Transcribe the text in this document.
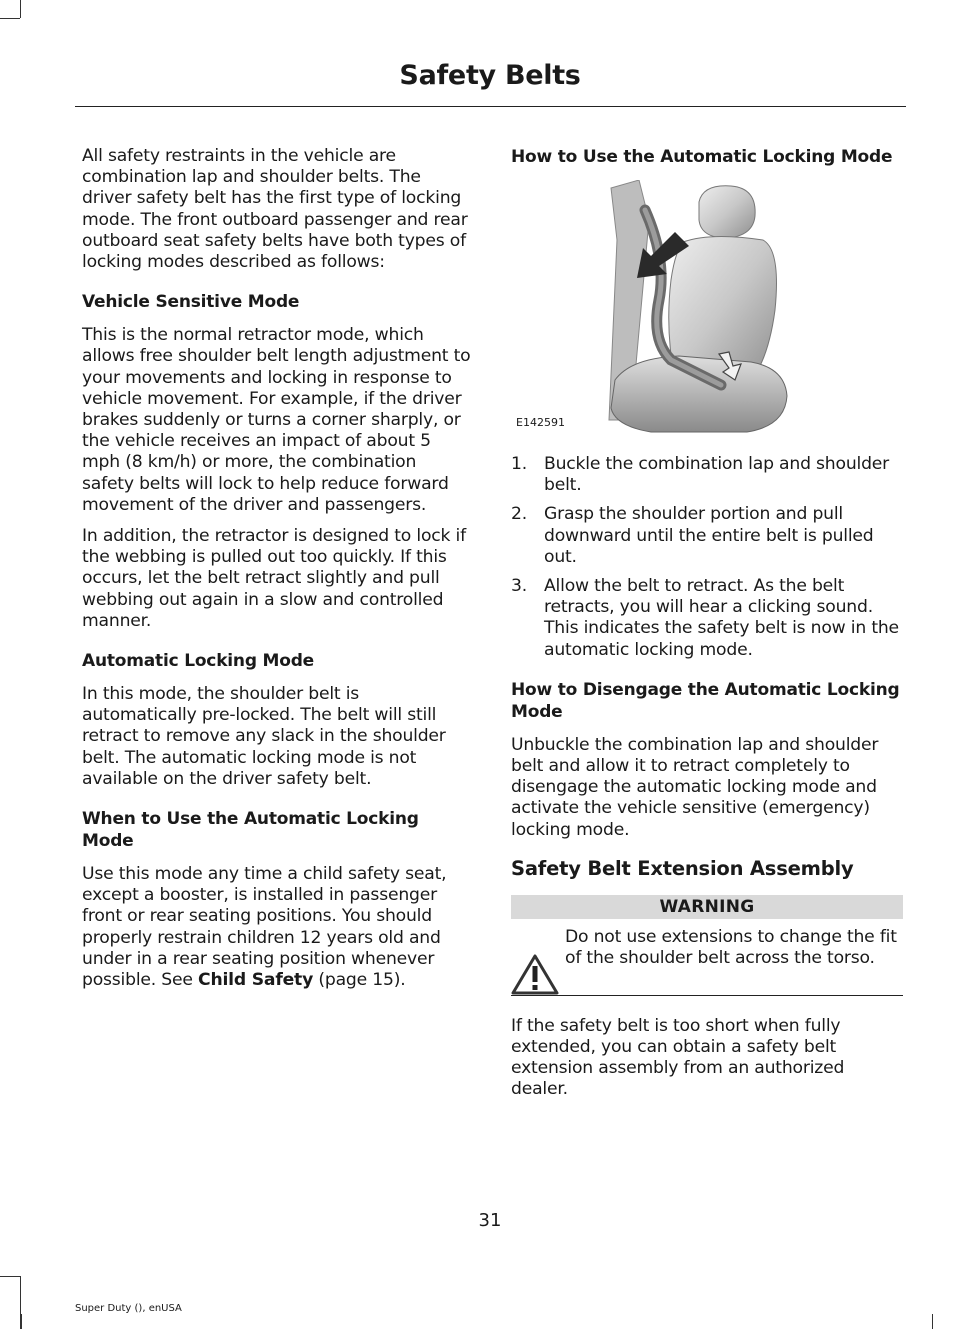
Safety Belts

All safety restraints in the vehicle are combination lap and shoulder belts. The driver safety belt has the first type of locking mode. The front outboard passenger and rear outboard seat safety belts have both types of locking modes described as follows:

Vehicle Sensitive Mode

This is the normal retractor mode, which allows free shoulder belt length adjustment to your movements and locking in response to vehicle movement. For example, if the driver brakes suddenly or turns a corner sharply, or the vehicle receives an impact of about 5 mph (8 km/h) or more, the combination safety belts will lock to help reduce forward movement of the driver and passengers.

In addition, the retractor is designed to lock if the webbing is pulled out too quickly. If this occurs, let the belt retract slightly and pull webbing out again in a slow and controlled manner.

Automatic Locking Mode

In this mode, the shoulder belt is automatically pre-locked. The belt will still retract to remove any slack in the shoulder belt. The automatic locking mode is not available on the driver safety belt.

When to Use the Automatic Locking Mode

Use this mode any time a child safety seat, except a booster, is installed in passenger front or rear seating positions. You should properly restrain children 12 years old and under in a rear seating position whenever possible. See Child Safety (page 15).

How to Use the Automatic Locking Mode
E142591
1. Buckle the combination lap and shoulder belt.
2. Grasp the shoulder portion and pull downward until the entire belt is pulled out.
3. Allow the belt to retract. As the belt retracts, you will hear a clicking sound. This indicates the safety belt is now in the automatic locking mode.
How to Disengage the Automatic Locking Mode

Unbuckle the combination lap and shoulder belt and allow it to retract completely to disengage the automatic locking mode and activate the vehicle sensitive (emergency) locking mode.

Safety Belt Extension Assembly
WARNING

Do not use extensions to change the fit of the shoulder belt across the torso.

If the safety belt is too short when fully extended, you can obtain a safety belt extension assembly from an authorized dealer.

31
Super Duty (), enUSA
